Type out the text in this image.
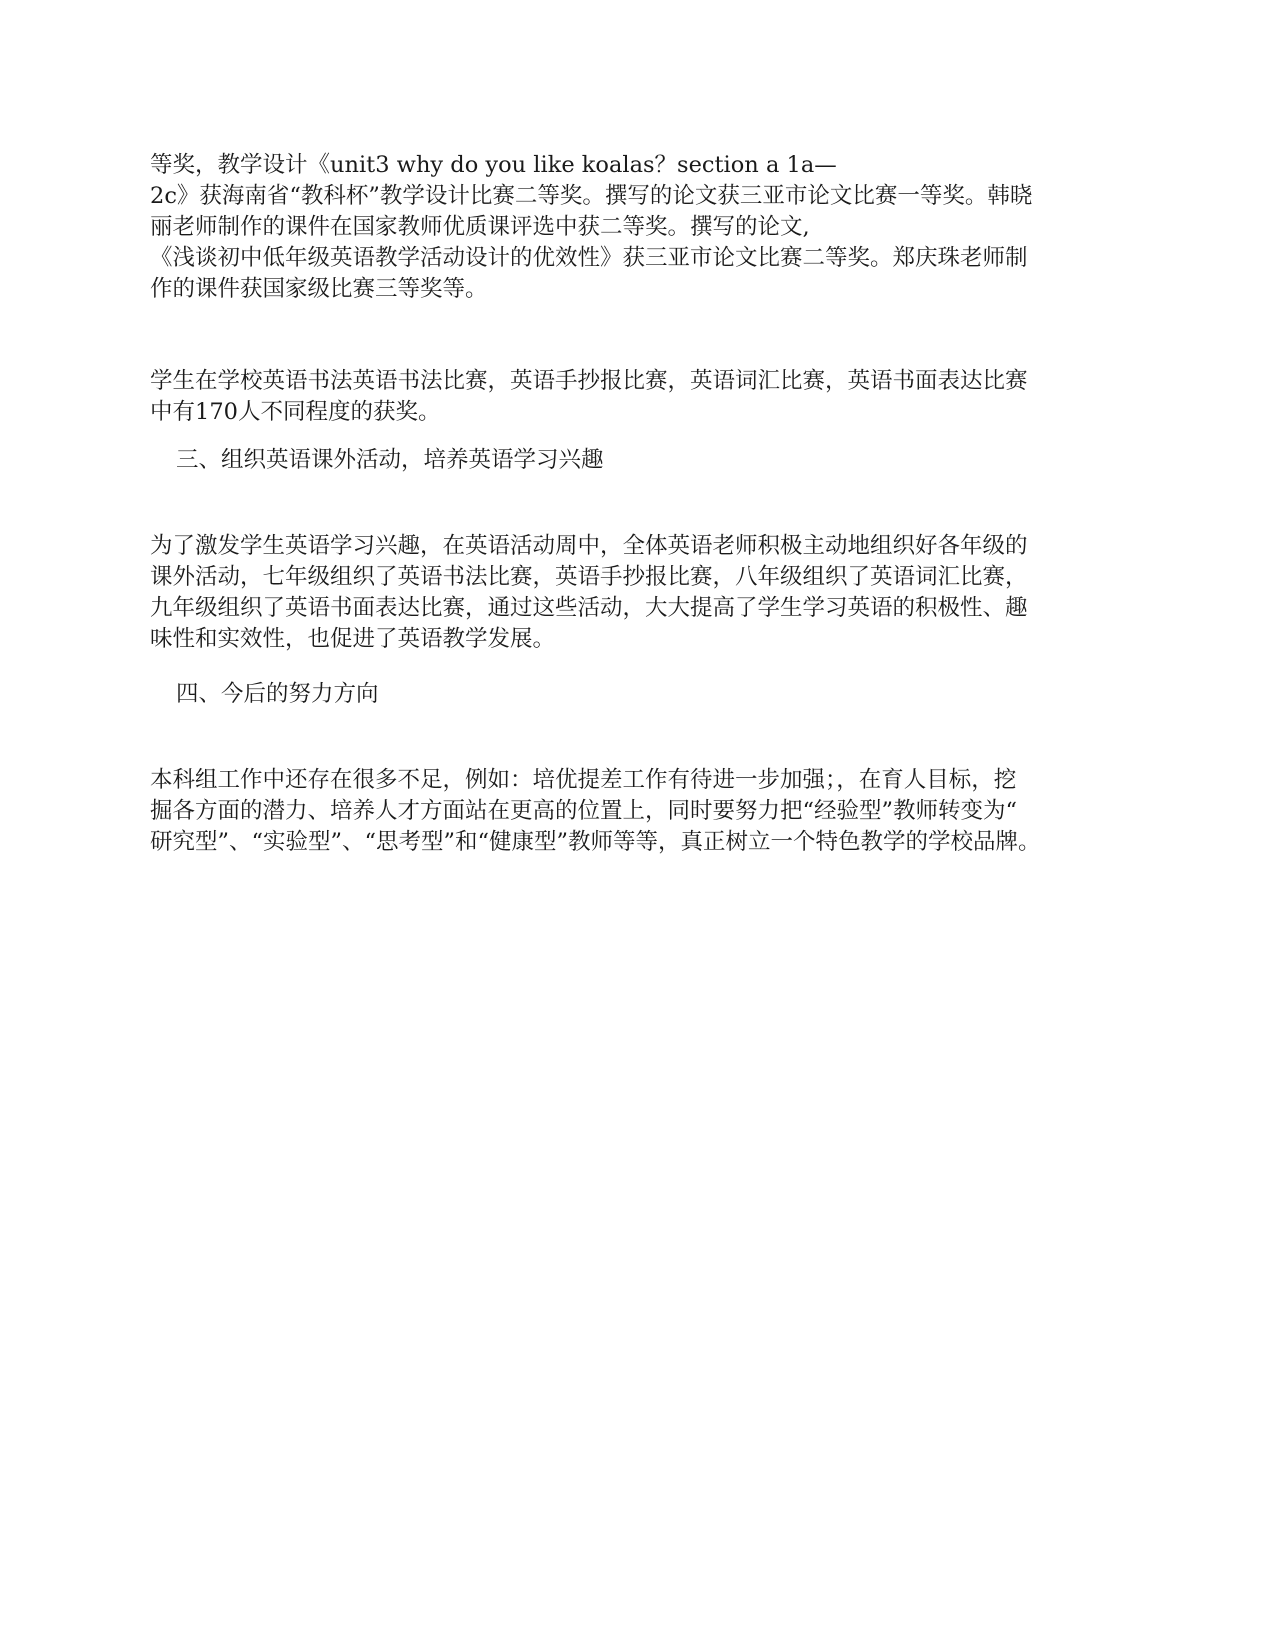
等奖，教学设计《unit3 why do you like koalas？section a 1a—
2c》获海南省“教科杯”教学设计比赛二等奖。撰写的论文获三亚市论文比赛一等奖。韩晓
丽老师制作的课件在国家教师优质课评选中获二等奖。撰写的论文,
《浅谈初中低年级英语教学活动设计的优效性》获三亚市论文比赛二等奖。郑庆珠老师制
作的课件获国家级比赛三等奖等。

学生在学校英语书法英语书法比赛，英语手抄报比赛，英语词汇比赛，英语书面表达比赛
中有170人不同程度的获奖。

三、组织英语课外活动，培养英语学习兴趣

为了激发学生英语学习兴趣，在英语活动周中，全体英语老师积极主动地组织好各年级的
课外活动，七年级组织了英语书法比赛，英语手抄报比赛，八年级组织了英语词汇比赛，
九年级组织了英语书面表达比赛，通过这些活动，大大提高了学生学习英语的积极性、趣
味性和实效性，也促进了英语教学发展。

四、今后的努力方向

本科组工作中还存在很多不足，例如：培优提差工作有待进一步加强；，在育人目标，挖
掘各方面的潜力、培养人才方面站在更高的位置上，同时要努力把“经验型”教师转变为“
研究型”、“实验型”、“思考型”和“健康型”教师等等，真正树立一个特色教学的学校品牌。
